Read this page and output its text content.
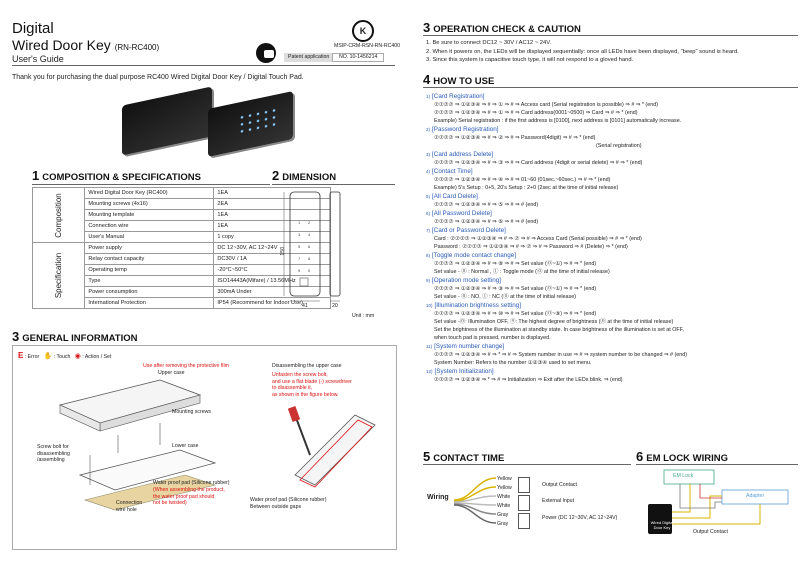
Digital
Wired Door Key (RN-RC400)
User's Guide
K
MSIP-CRM-RSN-RN-RC400
Patent application	NO. 10-1456214
Thank you for purchasing the dual purpose RC400 Wired Digital Door Key / Digital Touch Pad.
1 COMPOSITION & SPECIFICATIONS
Composition	Wired Digital Door Key (RC400)	1EA
	Mounting screws (4x16)	2EA
	Mounting template	1EA
	Connection wire	1EA
	User's Manual	1 copy

Specification	Power supply	DC 12~30V, AC 12~24V
	Relay contact capacity	DC30V / 1A
	Operating temp	-20°C~50°C
	Type	ISO14443A(Mifare) / 13.56MHz
	Power consumption	300mA Under
	International Protection	IP54 (Recommend for Indoor Use)
2 DIMENSION
1 2
3 4
5 6
7 8
9 0
150
41	20
Unit : mm
3 GENERAL INFORMATION
E : Error ✋ : Touch ◉ : Action / Set
Use after removing the protective film
Upper case
Mounting screws
Lower case
Screw bolt for
disassembling
/assembling
Water proof pad (Silicone rubber)
(When assembling the product,
the water proof pad should
not be twisted)
Connection
wire hole
Disassembling the upper case
Unfasten the screw bolt,
and use a flat blade (-) screwdriver
to disassemble it,
as shown in the figure below.
Water proof pad (Silicone rubber)
Between outside gaps
3 OPERATION CHECK & CAUTION
1. Be sure to connect DC12 ~ 30V / AC12 ~ 24V.
2. When it powers on, the LEDs will be displayed sequentially: once all LEDs have been displayed, "beep" sound is heard.
3. Since this system is capacitive touch type, it will not respond to a gloved hand.
4 HOW TO USE
1) [Card Registration]
⑦⑦⑦⑦ ⇒ ①②③④ ⇒ # ⇒ ① ⇒ # ⇒ Access card (Serial registration is possible) ⇒ # ⇒ * (end)
⑦⑦⑦⑦ ⇒ ①②③④ ⇒ # ⇒ ① ⇒ # ⇒ Card address(0001~0500) ⇒ Card ⇒ # ⇒ * (end)
Example) Serial registration : if the first address is [0100], next address is [0101] automatically increase.
2) [Password Registration]
⑦⑦⑦⑦ ⇒ ①②③④ ⇒ # ⇒ ② ⇒ # ⇒ Password(4digit) ⇒ # ⇒ * (end)
(Serial registration)
3) [Card address Delete]
⑦⑦⑦⑦ ⇒ ①②③④ ⇒ # ⇒ ③ ⇒ # ⇒ Card address (4digit or serial delete) ⇒ # ⇒ * (end)
4) [Contact Time]
⑦⑦⑦⑦ ⇒ ①②③④ ⇒ # ⇒ ④ ⇒ # ⇒ 01~60 (01sec.~60sec.) ⇒ # ⇒ * (end)
Example) 5's Setup : 0+5, 20's Setup : 2+0 (2sec at the time of initial release)
5) [All Card Delete]
⑦⑦⑦⑦ ⇒ ①②③④ ⇒ # ⇒ ⑤ ⇒ # ⇒ # (end)
6) [All Password Delete]
⑦⑦⑦⑦ ⇒ ①②③④ ⇒ # ⇒ ⑥ ⇒ # ⇒ # (end)
7) [Card or Password Delete]
Card : ⑦⑦⑦⑦ ⇒ ①②③④ ⇒ # ⇒ ⑦ ⇒ # ⇒ Access Card (Serial possible) ⇒ # ⇒ * (end)
Password : ⑦⑦⑦⑦ ⇒ ①②③④ ⇒ # ⇒ ⑦ ⇒ # ⇒ Password ⇒ # (Delete) ⇒ * (end)
8) [Toggle mode contact change]
⑦⑦⑦⑦ ⇒ ①②③④ ⇒ # ⇒ ⑧ ⇒ # ⇒ Set value (⓪~①) ⇒ # ⇒ * (end)
Set value - ⓪ : Normal , ① : Toggle mode (⓪ at the time of initial release)
9) [Operation mode setting]
⑦⑦⑦⑦ ⇒ ①②③④ ⇒ # ⇒ ⑨ ⇒ # ⇒ Set value (⓪~①) ⇒ # ⇒ * (end)
Set value - ⓪ : NO, ① : NC (⓪ at the time of initial release)
10) [Illumination brightness setting]
⑦⑦⑦⑦ ⇒ ①②③④ ⇒ # ⇒ ⑩ ⇒ # ⇒ Set value (⓪~⑨) ⇒ # ⇒ * (end)
Set value -⓪: Illumination OFF, ⑨: The highest degree of brightness (⓪ at the time of initial release)
Set the brightness of the illumination at standby state. In case brightness of the illumination is set at OFF,
when touch pad is pressed, number is displayed.
11) [System number change]
⑦⑦⑦⑦ ⇒ ①②③④ ⇒ # ⇒ * ⇒ # ⇒ System number in use ⇒ # ⇒ system number to be changed ⇒ # (end)
System Number: Refers to the number ①②③④ used to set menu.
12) [System Initialization]
⑦⑦⑦⑦ ⇒ ①②③④ ⇒ * ⇒ # ⇒ Initialization ⇒ Exit after the LEDs blink. ⇒ (end)
5 CONTACT TIME
Wiring
Yellow
Yellow
White
White
Gray
Gray
Output Contact
External Input
Power (DC 12~30V, AC 12~24V)
6 EM LOCK WIRING
EM Lock
Adapter
Wired Digital
Door Key
Output Contact
